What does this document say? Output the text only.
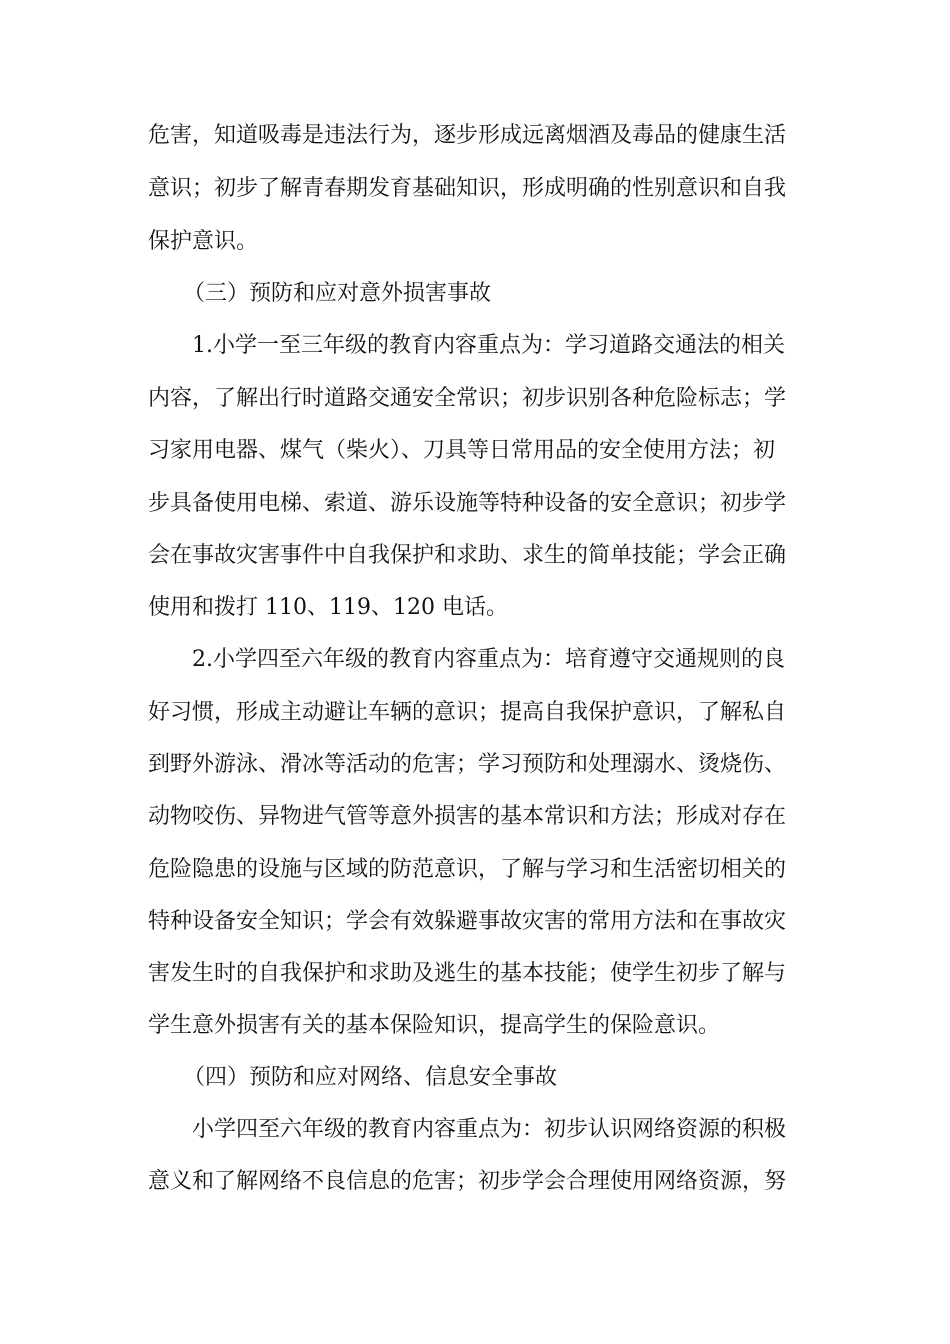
危害，知道吸毒是违法行为，逐步形成远离烟酒及毒品的健康生活
意识；初步了解青春期发育基础知识，形成明确的性别意识和自我
保护意识。
（三）预防和应对意外损害事故
1.小学一至三年级的教育内容重点为：学习道路交通法的相关
内容，了解出行时道路交通安全常识；初步识别各种危险标志；学
习家用电器、煤气（柴火）、刀具等日常用品的安全使用方法；初
步具备使用电梯、索道、游乐设施等特种设备的安全意识；初步学
会在事故灾害事件中自我保护和求助、求生的简单技能；学会正确
使用和拨打 110、119、120 电话。
2.小学四至六年级的教育内容重点为：培育遵守交通规则的良
好习惯，形成主动避让车辆的意识；提高自我保护意识，了解私自
到野外游泳、滑冰等活动的危害；学习预防和处理溺水、烫烧伤、
动物咬伤、异物进气管等意外损害的基本常识和方法；形成对存在
危险隐患的设施与区域的防范意识，了解与学习和生活密切相关的
特种设备安全知识；学会有效躲避事故灾害的常用方法和在事故灾
害发生时的自我保护和求助及逃生的基本技能；使学生初步了解与
学生意外损害有关的基本保险知识，提高学生的保险意识。
（四）预防和应对网络、信息安全事故
小学四至六年级的教育内容重点为：初步认识网络资源的积极
意义和了解网络不良信息的危害；初步学会合理使用网络资源，努
